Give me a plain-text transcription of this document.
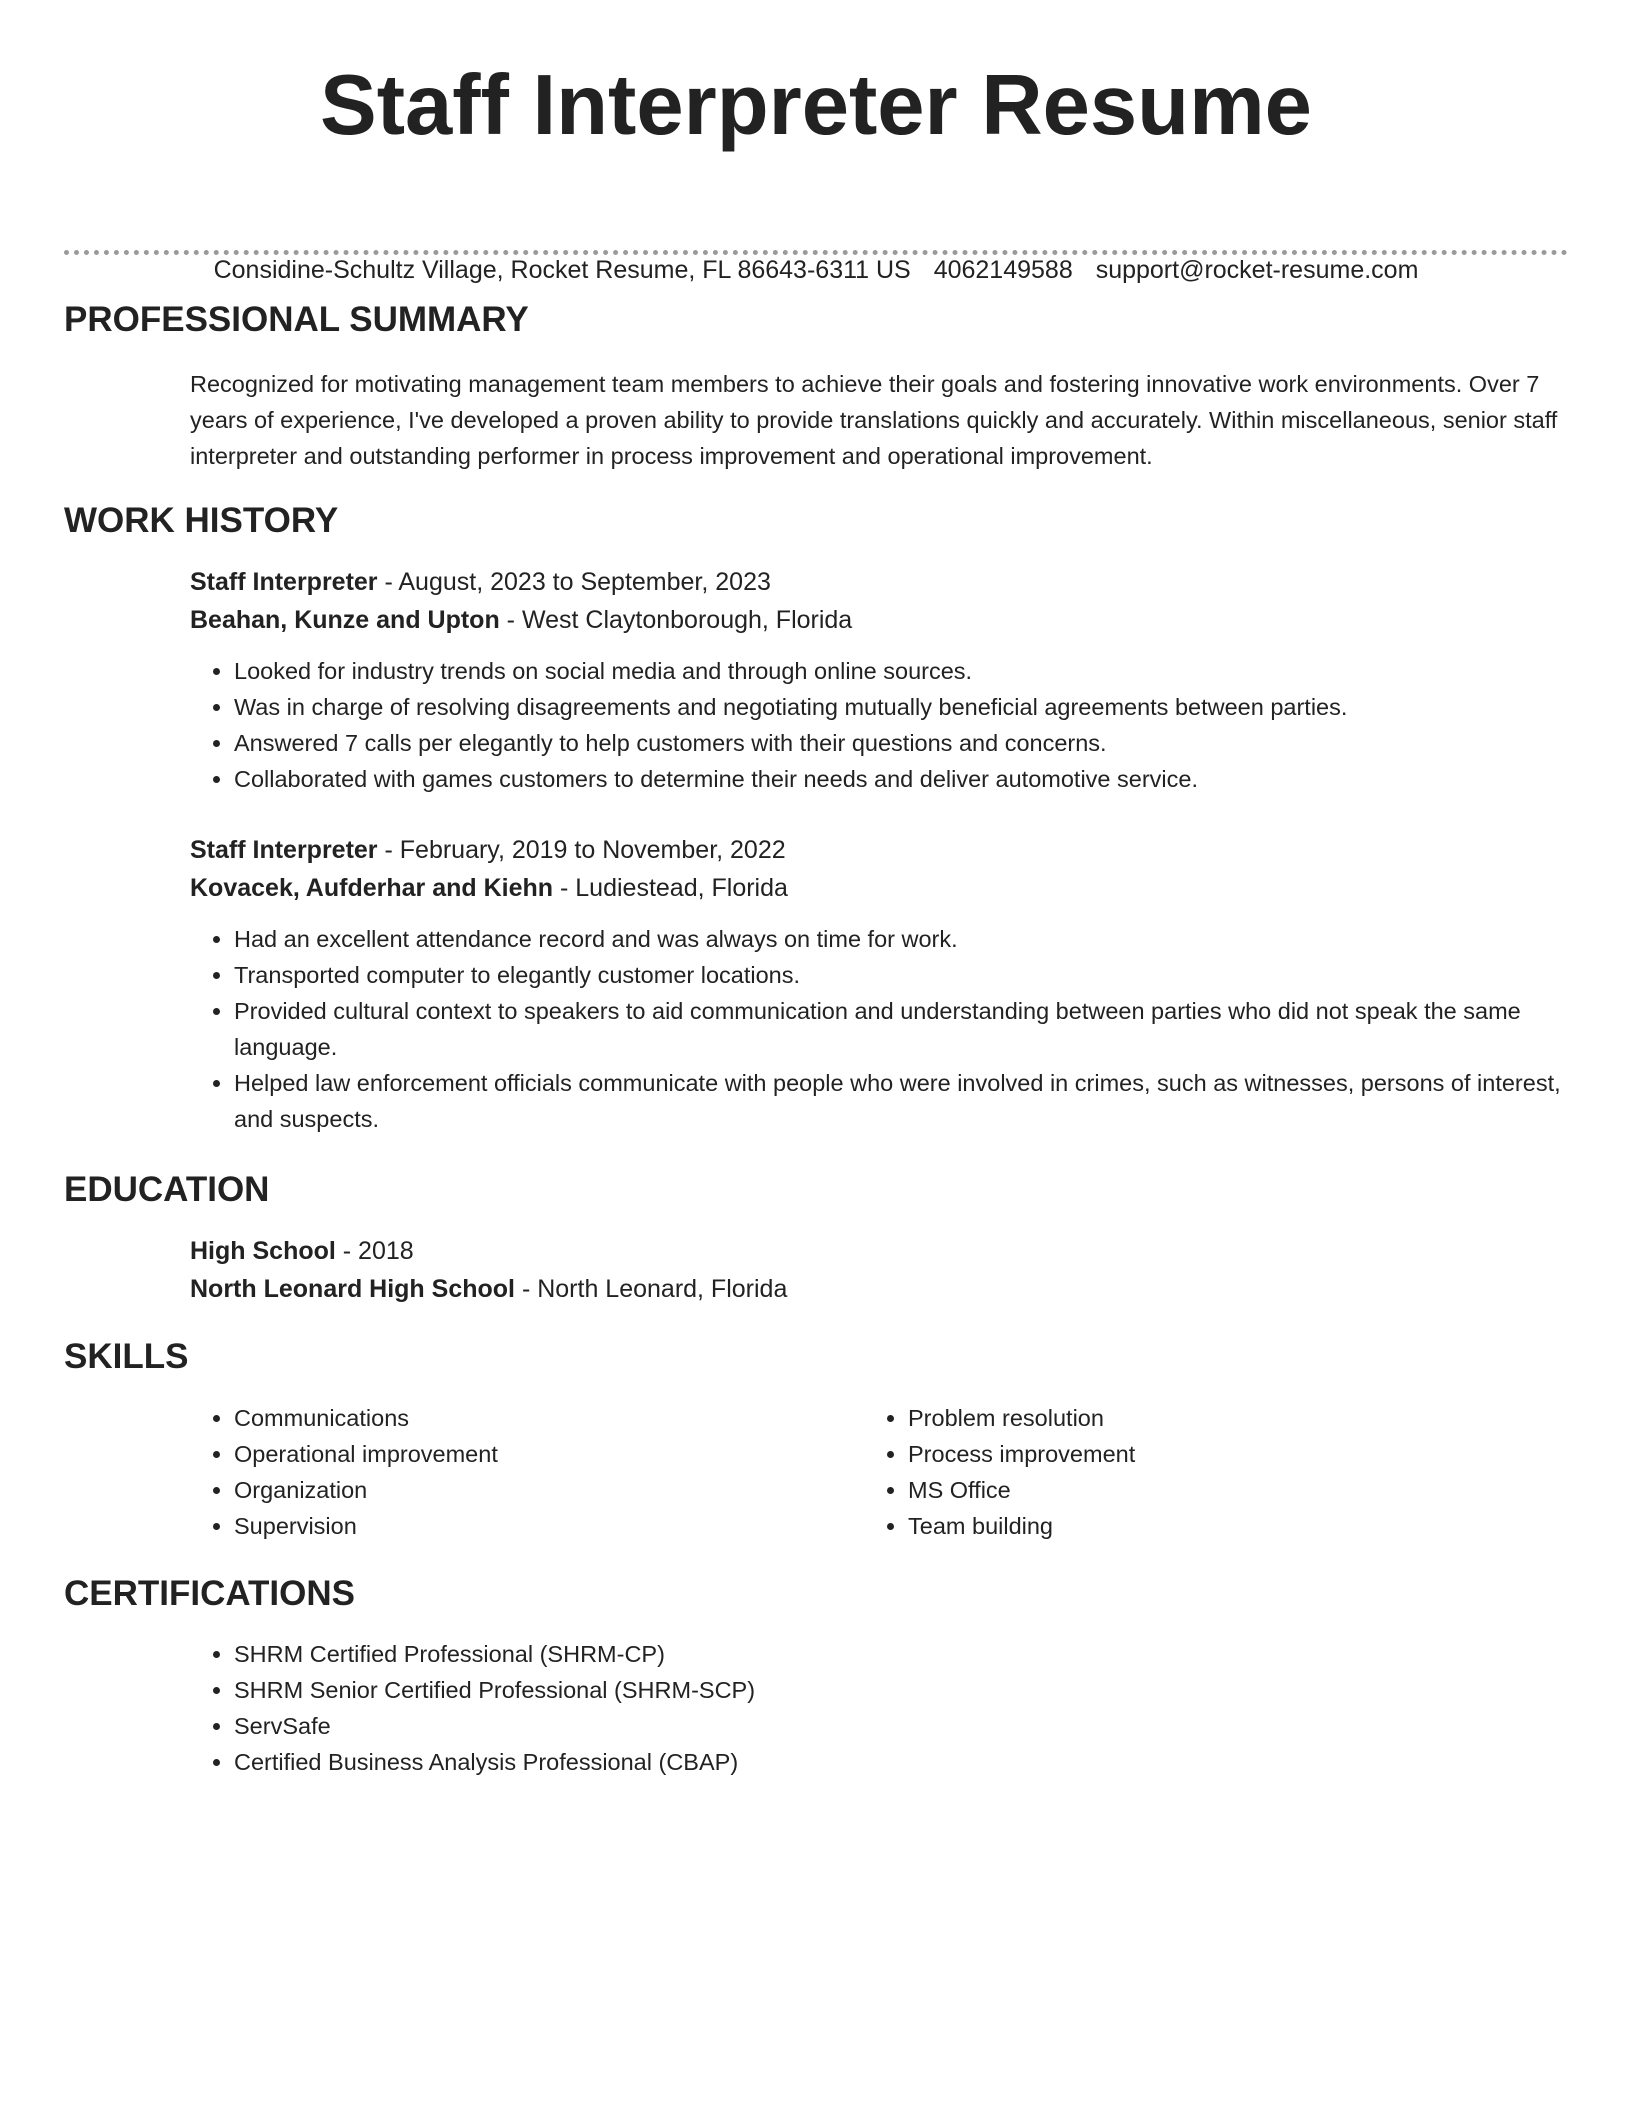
Staff Interpreter Resume
Considine-Schultz Village, Rocket Resume, FL 86643-6311 US 4062149588 support@rocket-resume.com
PROFESSIONAL SUMMARY
Recognized for motivating management team members to achieve their goals and fostering innovative work environments. Over 7 years of experience, I've developed a proven ability to provide translations quickly and accurately. Within miscellaneous, senior staff interpreter and outstanding performer in process improvement and operational improvement.
WORK HISTORY
Staff Interpreter - August, 2023 to September, 2023
Beahan, Kunze and Upton - West Claytonborough, Florida
• Looked for industry trends on social media and through online sources.
• Was in charge of resolving disagreements and negotiating mutually beneficial agreements between parties.
• Answered 7 calls per elegantly to help customers with their questions and concerns.
• Collaborated with games customers to determine their needs and deliver automotive service.
Staff Interpreter - February, 2019 to November, 2022
Kovacek, Aufderhar and Kiehn - Ludiestead, Florida
• Had an excellent attendance record and was always on time for work.
• Transported computer to elegantly customer locations.
• Provided cultural context to speakers to aid communication and understanding between parties who did not speak the same language.
• Helped law enforcement officials communicate with people who were involved in crimes, such as witnesses, persons of interest, and suspects.
EDUCATION
High School - 2018
North Leonard High School - North Leonard, Florida
SKILLS
• Communications
• Operational improvement
• Organization
• Supervision
• Problem resolution
• Process improvement
• MS Office
• Team building
CERTIFICATIONS
• SHRM Certified Professional (SHRM-CP)
• SHRM Senior Certified Professional (SHRM-SCP)
• ServSafe
• Certified Business Analysis Professional (CBAP)
